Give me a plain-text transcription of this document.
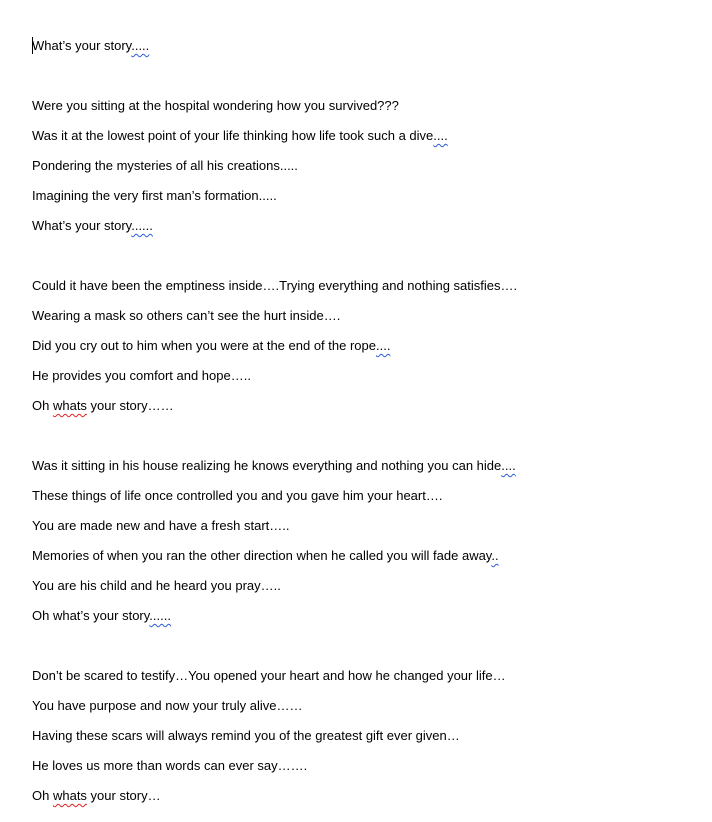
What’s your story.....
Were you sitting at the hospital wondering how you survived???
Was it at the lowest point of your life thinking how life took such a dive....
Pondering the mysteries of all his creations.....
Imagining the very first man’s formation.....
What’s your story......
Could it have been the emptiness inside….Trying everything and nothing satisfies….
Wearing a mask so others can’t see the hurt inside….
Did you cry out to him when you were at the end of the rope....
He provides you comfort and hope…..
Oh whats your story……
Was it sitting in his house realizing he knows everything and nothing you can hide....
These things of life once controlled you and you gave him your heart….
You are made new and have a fresh start…..
Memories of when you ran the other direction when he called you will fade away..
You are his child and he heard you pray…..
Oh what’s your story......
Don’t be scared to testify…You opened your heart and how he changed your life…
You have purpose and now your truly alive……
Having these scars will always remind you of the greatest gift ever given…
He loves us more than words can ever say…….
Oh whats your story…
